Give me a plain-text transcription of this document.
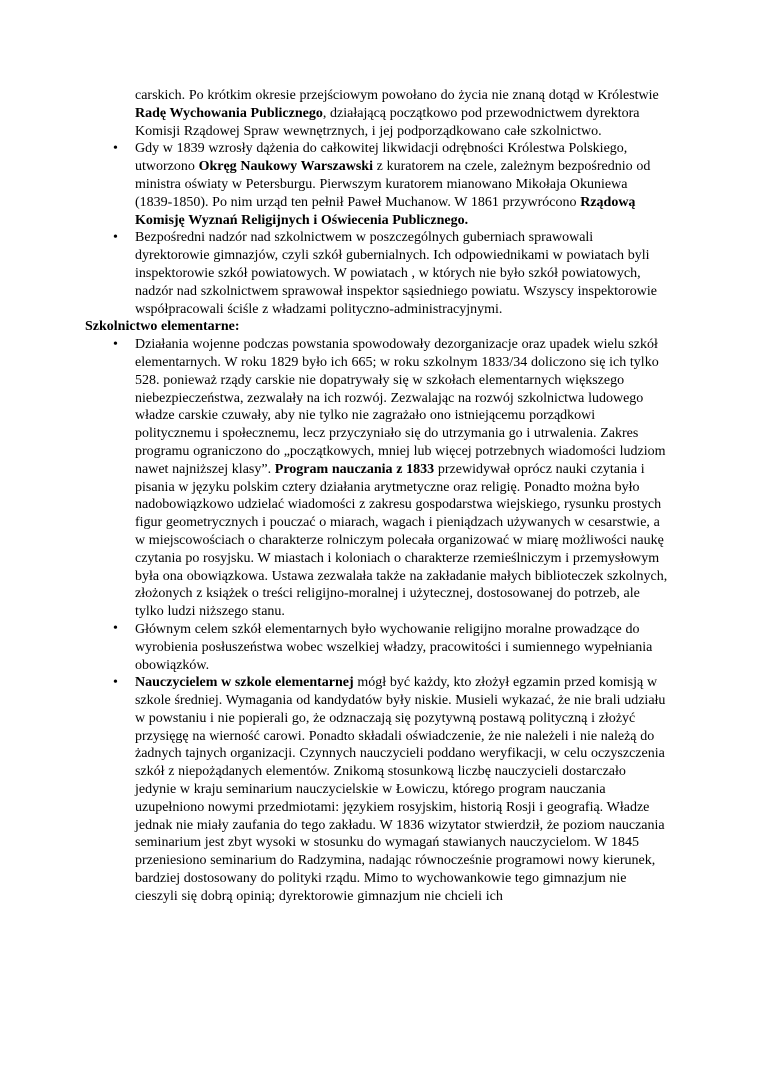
carskich. Po krótkim okresie przejściowym powołano do życia nie znaną dotąd w Królestwie Radę Wychowania Publicznego, działającą początkowo pod przewodnictwem dyrektora Komisji Rządowej Spraw wewnętrznych, i jej podporządkowano całe szkolnictwo.
• Gdy w 1839 wzrosły dążenia do całkowitej likwidacji odrębności Królestwa Polskiego, utworzono Okręg Naukowy Warszawski z kuratorem na czele, zależnym bezpośrednio od ministra oświaty w Petersburgu. Pierwszym kuratorem mianowano Mikołaja Okuniewa (1839-1850). Po nim urząd ten pełnił Paweł Muchanow. W 1861 przywrócono Rządową Komisję Wyznań Religijnych i Oświecenia Publicznego.
• Bezpośredni nadzór nad szkolnictwem w poszczególnych guberniach sprawowali dyrektorowie gimnazjów, czyli szkół gubernialnych. Ich odpowiednikami w powiatach byli inspektorowie szkół powiatowych. W powiatach , w których nie było szkół powiatowych, nadzór nad szkolnictwem sprawował inspektor sąsiedniego powiatu. Wszyscy inspektorowie współpracowali ściśle z władzami polityczno-administracyjnymi.
Szkolnictwo elementarne:
• Działania wojenne podczas powstania spowodowały dezorganizacje oraz upadek wielu szkół elementarnych. W roku 1829 było ich 665; w roku szkolnym 1833/34 doliczono się ich tylko 528. ponieważ rządy carskie nie dopatrywały się w szkołach elementarnych większego niebezpieczeństwa, zezwalały na ich rozwój. Zezwalając na rozwój szkolnictwa ludowego władze carskie czuwały, aby nie tylko nie zagrażało ono istniejącemu porządkowi politycznemu i społecznemu, lecz przyczyniało się do utrzymania go i utrwalenia. Zakres programu ograniczono do „początkowych, mniej lub więcej potrzebnych wiadomości ludziom nawet najniższej klasy”. Program nauczania z 1833 przewidywał oprócz nauki czytania i pisania w języku polskim cztery działania arytmetyczne oraz religię. Ponadto można było nadobowiązkowo udzielać wiadomości z zakresu gospodarstwa wiejskiego, rysunku prostych figur geometrycznych i pouczać o miarach, wagach i pieniądzach używanych w cesarstwie, a w miejscowościach o charakterze rolniczym polecała organizować w miarę możliwości naukę czytania po rosyjsku. W miastach i koloniach o charakterze rzemieślniczym i przemysłowym była ona obowiązkowa. Ustawa zezwalała także na zakładanie małych biblioteczek szkolnych, złożonych z książek o treści religijno-moralnej i użytecznej, dostosowanej do potrzeb, ale tylko ludzi niższego stanu.
• Głównym celem szkół elementarnych było wychowanie religijno moralne prowadzące do wyrobienia posłuszeństwa wobec wszelkiej władzy, pracowitości i sumiennego wypełniania obowiązków.
• Nauczycielem w szkole elementarnej mógł być każdy, kto złożył egzamin przed komisją w szkole średniej. Wymagania od kandydatów były niskie. Musieli wykazać, że nie brali udziału w powstaniu i nie popierali go, że odznaczają się pozytywną postawą polityczną i złożyć przysięgę na wierność carowi. Ponadto składali oświadczenie, że nie należeli i nie należą do żadnych tajnych organizacji. Czynnych nauczycieli poddano weryfikacji, w celu oczyszczenia szkół z niepożądanych elementów. Znikomą stosunkową liczbę nauczycieli dostarczało jedynie w kraju seminarium nauczycielskie w Łowiczu, którego program nauczania uzupełniono nowymi przedmiotami: językiem rosyjskim, historią Rosji i geografią. Władze jednak nie miały zaufania do tego zakładu. W 1836 wizytator stwierdził, że poziom nauczania seminarium jest zbyt wysoki w stosunku do wymagań stawianych nauczycielom. W 1845 przeniesiono seminarium do Radzymina, nadając równocześnie programowi nowy kierunek, bardziej dostosowany do polityki rządu. Mimo to wychowankowie tego gimnazjum nie cieszyli się dobrą opinią; dyrektorowie gimnazjum nie chcieli ich
